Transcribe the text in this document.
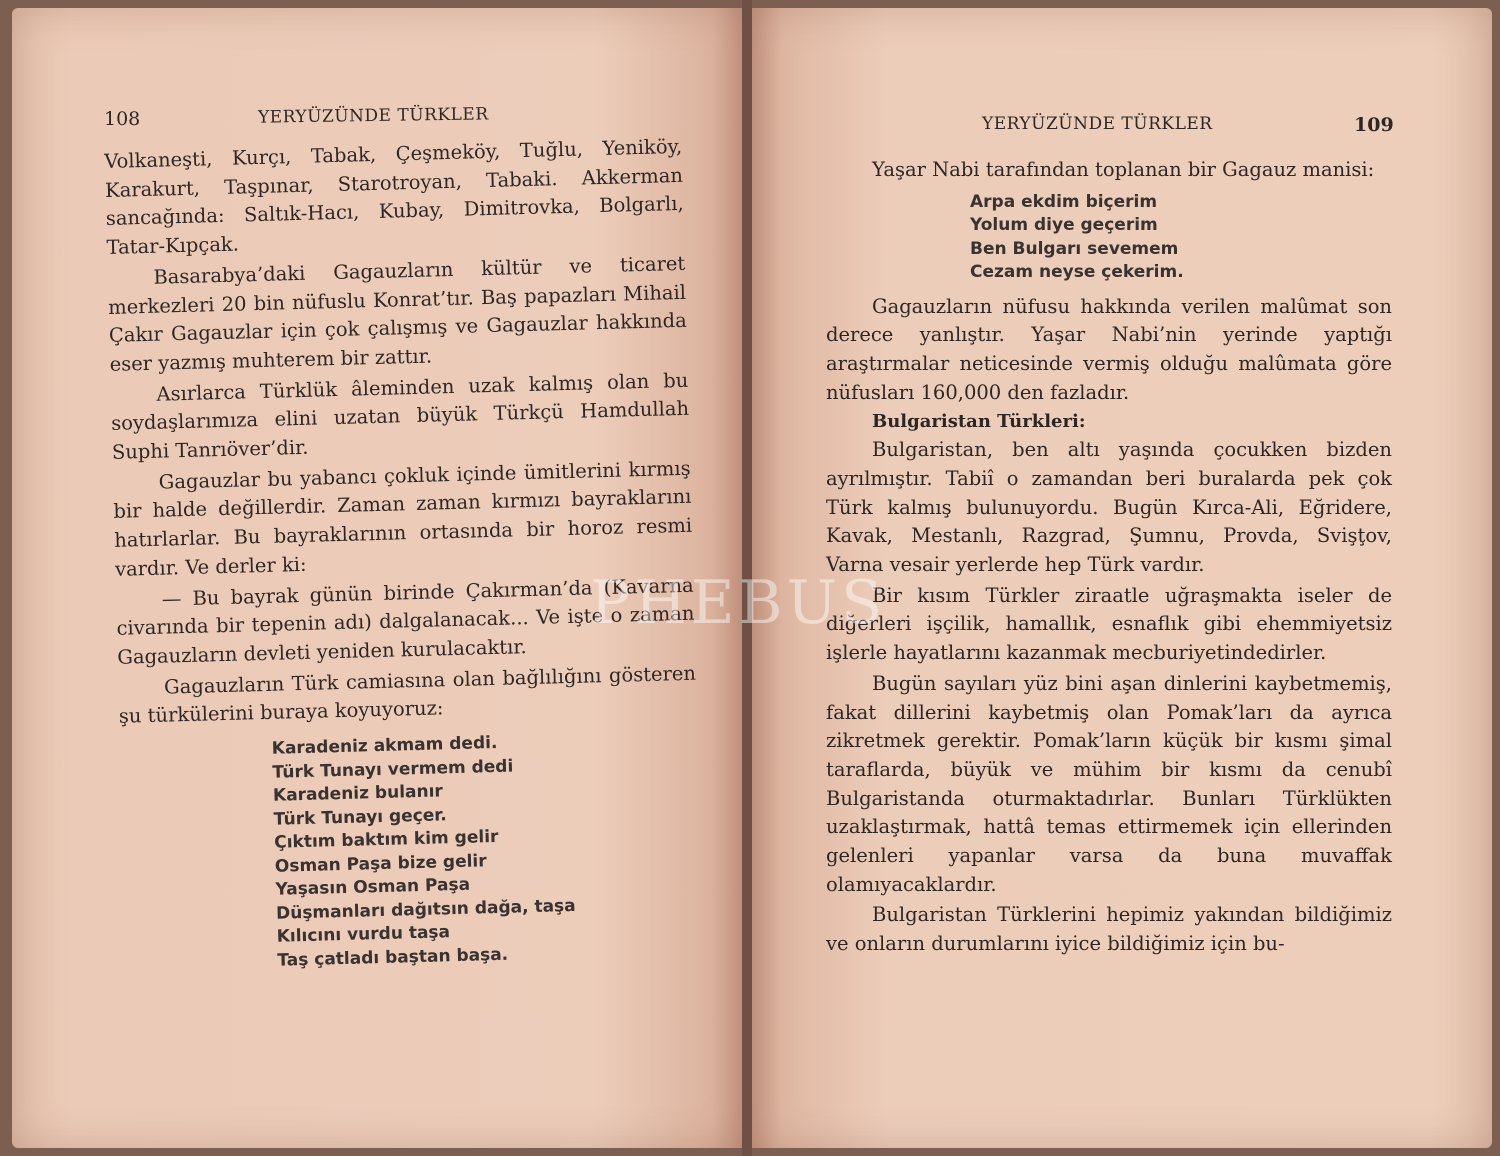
108	YERYÜZÜNDE TÜRKLER

Volkaneşti, Kurçı, Tabak, Çeşmeköy, Tuğlu, Yeniköy, Karakurt, Taşpınar, Starotroyan, Tabaki. Akkerman sancağında: Saltık-Hacı, Kubay, Dimitrovka, Bolgarlı, Tatar-Kıpçak.

Basarabya’daki Gagauzların kültür ve ticaret merkezleri 20 bin nüfuslu Konrat’tır. Baş papazları Mihail Çakır Gagauzlar için çok çalışmış ve Gagauzlar hakkında eser yazmış muhterem bir zattır.

Asırlarca Türklük âleminden uzak kalmış olan bu soydaşlarımıza elini uzatan büyük Türkçü Hamdullah Suphi Tanrıöver’dir.

Gagauzlar bu yabancı çokluk içinde ümitlerini kırmış bir halde değillerdir. Zaman zaman kırmızı bayraklarını hatırlarlar. Bu bayraklarının ortasında bir horoz resmi vardır. Ve derler ki:

— Bu bayrak günün birinde Çakırman’da (Kavarna civarında bir tepenin adı) dalgalanacak... Ve işte o zaman Gagauzların devleti yeniden kurulacaktır.

Gagauzların Türk camiasına olan bağlılığını gösteren şu türkülerini buraya koyuyoruz:

Karadeniz akmam dedi.
Türk Tunayı vermem dedi
Karadeniz bulanır
Türk Tunayı geçer.
Çıktım baktım kim gelir
Osman Paşa bize gelir
Yaşasın Osman Paşa
Düşmanları dağıtsın dağa, taşa
Kılıcını vurdu taşa
Taş çatladı baştan başa.
YERYÜZÜNDE TÜRKLER	109

Yaşar Nabi tarafından toplanan bir Gagauz manisi:

Arpa ekdim biçerim
Yolum diye geçerim
Ben Bulgarı sevemem
Cezam neyse çekerim.

Gagauzların nüfusu hakkında verilen malûmat son derece yanlıştır. Yaşar Nabi’nin yerinde yaptığı araştırmalar neticesinde vermiş olduğu malûmata göre nüfusları 160,000 den fazladır.

Bulgaristan Türkleri:

Bulgaristan, ben altı yaşında çocukken bizden ayrılmıştır. Tabiî o zamandan beri buralarda pek çok Türk kalmış bulunuyordu. Bugün Kırca-Ali, Eğridere, Kavak, Mestanlı, Razgrad, Şumnu, Provda, Svişţov, Varna vesair yerlerde hep Türk vardır.

Bir kısım Türkler ziraatle uğraşmakta iseler de diğerleri işçilik, hamallık, esnaflık gibi ehemmiyetsiz işlerle hayatlarını kazanmak mecburiyetindedirler.

Bugün sayıları yüz bini aşan dinlerini kaybetmemiş, fakat dillerini kaybetmiş olan Pomak’ları da ayrıca zikretmek gerektir. Pomak’ların küçük bir kısmı şimal taraflarda, büyük ve mühim bir kısmı da cenubî Bulgaristanda oturmaktadırlar. Bunları Türklükten uzaklaştırmak, hattâ temas ettirmemek için ellerinden gelenleri yapanlar varsa da buna muvaffak olamıyacaklardır.

Bulgaristan Türklerini hepimiz yakından bildiğimiz ve onların durumlarını iyice bildiğimiz için bu-

PHEBUS
